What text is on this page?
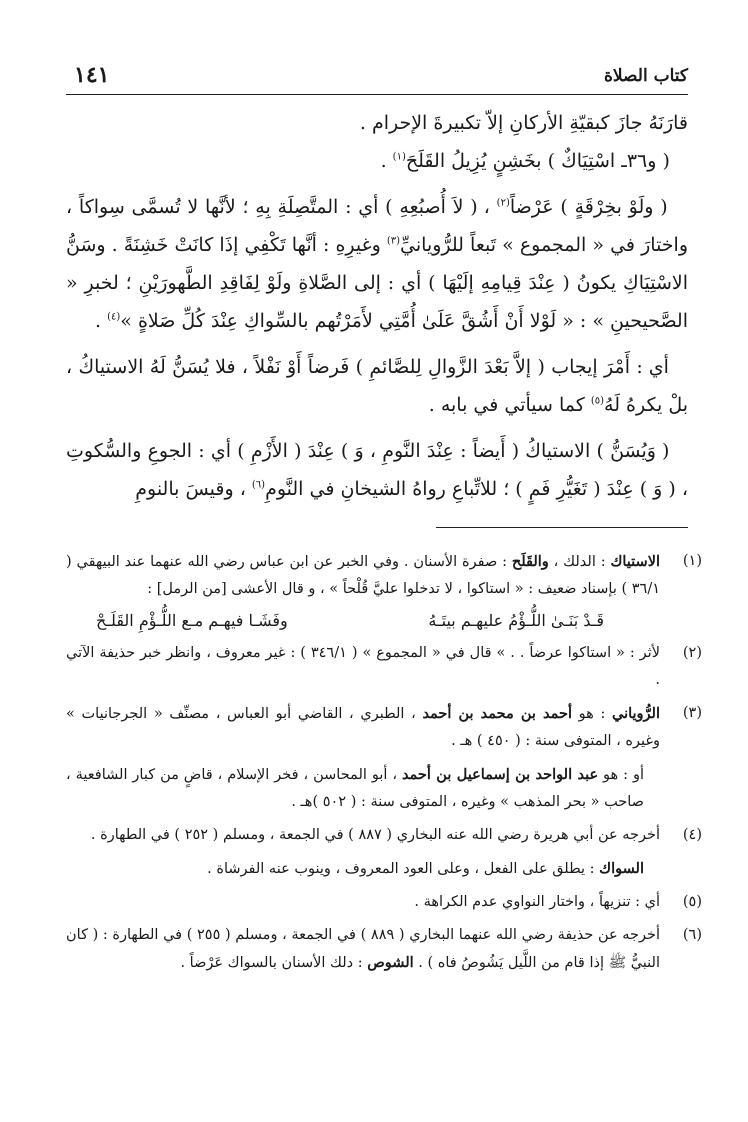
كتاب الصلاة
١٤١

قارَنَهُ جازَ كبقيّةِ الأركانِ إلاّ تكبيرةَ الإحرام .

( و٣٦ـ اسْتِيَاكٌ ) بخَشِنٍ يُزِيلُ القَلَحَ$^{(١)}$ .

( ولَوْ بخِرْقَةٍ ) عَرْضاً$^{(٢)}$ ، ( لاَ أُصبُعِهِ ) أي : المتَّصِلَةِ بِهِ ؛ لأنَّها لا تُسمَّى سِواكاً ، واختارَ في « المجموع » تَبعاً للرُّويانيِّ$^{(٣)}$ وغيرِهِ : أنَّها تَكْفِي إذَا كانَتْ خَشِنَةً . وسَنُّ الاسْتِيَاكِ يكونُ ( عِنْدَ قِيامِهِ إلَيْهَا ) أي : إلى الصَّلاةِ ولَوْ لِفَاقِدِ الطَّهورَيْنِ ؛ لخبرِ « الصَّحيحينِ » : « لَوْلا أَنْ أَشُقَّ عَلَىٰ أُمَّتِي لأَمَرْتُهم بالسِّواكِ عِنْدَ كُلِّ صَلاةٍ »$^{(٤)}$ .

أي : أَمْرَ إيجاب ( إلاَّ بَعْدَ الزَّوالِ لِلصَّائمِ ) فَرضاً أَوْ نَفْلاً ، فلا يُسَنُّ لَهُ الاستياكُ ، بلْ يكرهُ لَهُ$^{(٥)}$ كما سيأتي في بابه .

( وَيُسَنُّ ) الاستياكُ ( أَيضاً : عِنْدَ النَّومِ ، وَ ) عِنْدَ ( الأَزْمِ ) أي : الجوعِ والسُّكوتِ ، ( وَ ) عِنْدَ ( تَغَيُّرِ فَمٍ ) ؛ للاتِّباعِ رواهُ الشيخانِ في النَّومِ$^{(٦)}$ ، وقيسَ بالنومِ

(١)
الاستياك : الدلك ، والقَلَح : صفرة الأسنان . وفي الخبر عن ابن عباس رضي الله عنهما عند البيهقي ( ٣٦/١ ) بإسناد ضعيف : « استاكوا ، لا تدخلوا عليَّ قُلْحاً » ، و قال الأعشى [من الرمل] :
قَـدْ بَنَـىٰ اللُّـؤْمُ عليهـم بيتَـهُ
وفَشَـا فيهـم مـع اللُّـؤْمِ القَلَـحْ
(٢)
لأثر : « استاكوا عرضاً . . » قال في « المجموع » ( ٣٤٦/١ ) : غير معروف ، وانظر خبر حذيفة الآتي .
(٣)
الرُّوياني : هو أحمد بن محمد بن أحمد ، الطبري ، القاضي أبو العباس ، مصنِّف « الجرجانيات » وغيره ، المتوفى سنة : ( ٤٥٠ ) هـ .
أو : هو عبد الواحد بن إسماعيل بن أحمد ، أبو المحاسن ، فخر الإسلام ، قاضٍ من كبار الشافعية ، صاحب « بحر المذهب » وغيره ، المتوفى سنة : ( ٥٠٢ )هـ .
(٤)
أخرجه عن أبي هريرة رضي الله عنه البخاري ( ٨٨٧ ) في الجمعة ، ومسلم ( ٢٥٢ ) في الطهارة .
السواك : يطلق على الفعل ، وعلى العود المعروف ، وينوب عنه الفرشاة .
(٥)
أي : تنزيهاً ، واختار النواوي عدم الكراهة .
(٦)
أخرجه عن حذيفة رضي الله عنهما البخاري ( ٨٨٩ ) في الجمعة ، ومسلم ( ٢٥٥ ) في الطهارة : ( كان النبيُّ ﷺ إذا قام من اللَّيل يَشُوصُ فاه ) . الشوص : دلك الأسنان بالسواك عَرْضاً .
